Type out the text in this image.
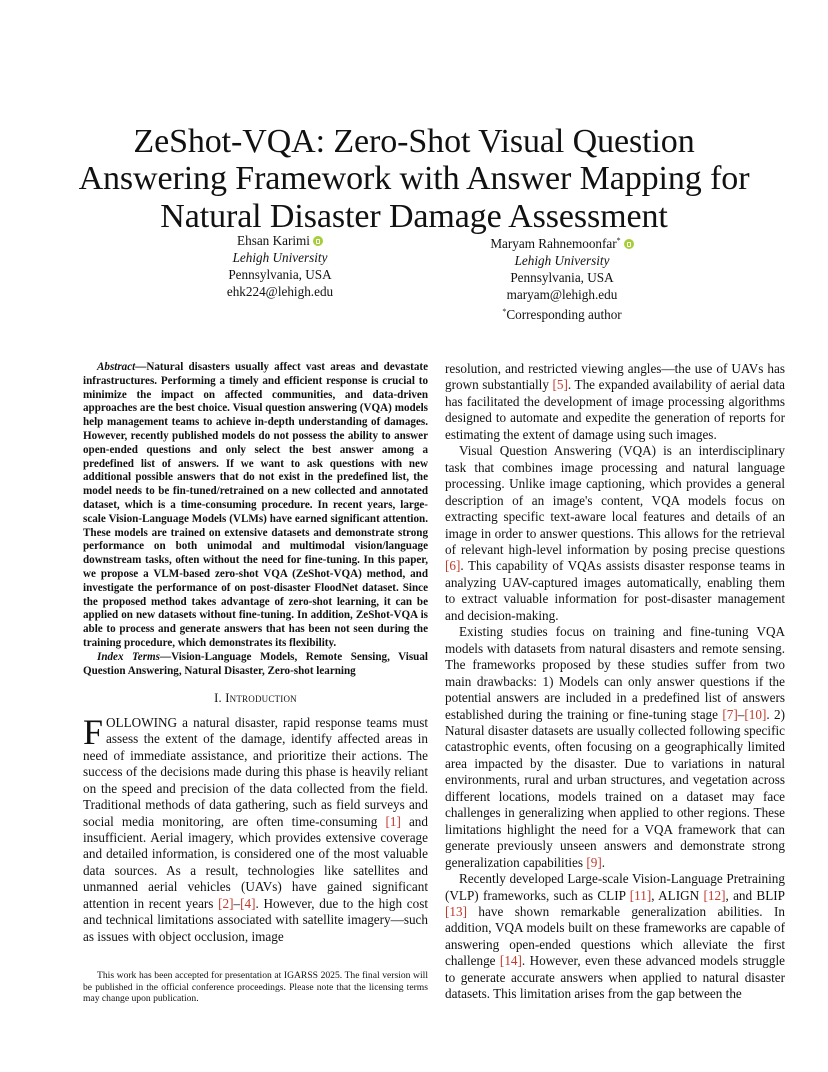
ZeShot-VQA: Zero-Shot Visual Question Answering Framework with Answer Mapping for Natural Disaster Damage Assessment
Ehsan Karimi
Lehigh University
Pennsylvania, USA
ehk224@lehigh.edu
Maryam Rahnemoonfar*
Lehigh University
Pennsylvania, USA
maryam@lehigh.edu
*Corresponding author

Abstract—Natural disasters usually affect vast areas and devastate infrastructures. Performing a timely and efficient response is crucial to minimize the impact on affected communities, and data-driven approaches are the best choice. Visual question answering (VQA) models help management teams to achieve in-depth understanding of damages. However, recently published models do not possess the ability to answer open-ended questions and only select the best answer among a predefined list of answers. If we want to ask questions with new additional possible answers that do not exist in the predefined list, the model needs to be fin-tuned/retrained on a new collected and annotated dataset, which is a time-consuming procedure. In recent years, large-scale Vision-Language Models (VLMs) have earned significant attention. These models are trained on extensive datasets and demonstrate strong performance on both unimodal and multimodal vision/language downstream tasks, often without the need for fine-tuning. In this paper, we propose a VLM-based zero-shot VQA (ZeShot-VQA) method, and investigate the performance of on post-disaster FloodNet dataset. Since the proposed method takes advantage of zero-shot learning, it can be applied on new datasets without fine-tuning. In addition, ZeShot-VQA is able to process and generate answers that has been not seen during the training procedure, which demonstrates its flexibility.

Index Terms—Vision-Language Models, Remote Sensing, Visual Question Answering, Natural Disaster, Zero-shot learning

I. Introduction

FOLLOWING a natural disaster, rapid response teams must assess the extent of the damage, identify affected areas in need of immediate assistance, and prioritize their actions. The success of the decisions made during this phase is heavily reliant on the speed and precision of the data collected from the field. Traditional methods of data gathering, such as field surveys and social media monitoring, are often time-consuming [1] and insufficient. Aerial imagery, which provides extensive coverage and detailed information, is considered one of the most valuable data sources. As a result, technologies like satellites and unmanned aerial vehicles (UAVs) have gained significant attention in recent years [2]–[4]. However, due to the high cost and technical limitations associated with satellite imagery—such as issues with object occlusion, image

resolution, and restricted viewing angles—the use of UAVs has grown substantially [5]. The expanded availability of aerial data has facilitated the development of image processing algorithms designed to automate and expedite the generation of reports for estimating the extent of damage using such images.

Visual Question Answering (VQA) is an interdisciplinary task that combines image processing and natural language processing. Unlike image captioning, which provides a general description of an image's content, VQA models focus on extracting specific text-aware local features and details of an image in order to answer questions. This allows for the retrieval of relevant high-level information by posing precise questions [6]. This capability of VQAs assists disaster response teams in analyzing UAV-captured images automatically, enabling them to extract valuable information for post-disaster management and decision-making.

Existing studies focus on training and fine-tuning VQA models with datasets from natural disasters and remote sensing. The frameworks proposed by these studies suffer from two main drawbacks: 1) Models can only answer questions if the potential answers are included in a predefined list of answers established during the training or fine-tuning stage [7]–[10]. 2) Natural disaster datasets are usually collected following specific catastrophic events, often focusing on a geographically limited area impacted by the disaster. Due to variations in natural environments, rural and urban structures, and vegetation across different locations, models trained on a dataset may face challenges in generalizing when applied to other regions. These limitations highlight the need for a VQA framework that can generate previously unseen answers and demonstrate strong generalization capabilities [9].

Recently developed Large-scale Vision-Language Pretraining (VLP) frameworks, such as CLIP [11], ALIGN [12], and BLIP [13] have shown remarkable generalization abilities. In addition, VQA models built on these frameworks are capable of answering open-ended questions which alleviate the first challenge [14]. However, even these advanced models struggle to generate accurate answers when applied to natural disaster datasets. This limitation arises from the gap between the

This work has been accepted for presentation at IGARSS 2025. The final version will be published in the official conference proceedings. Please note that the licensing terms may change upon publication.
